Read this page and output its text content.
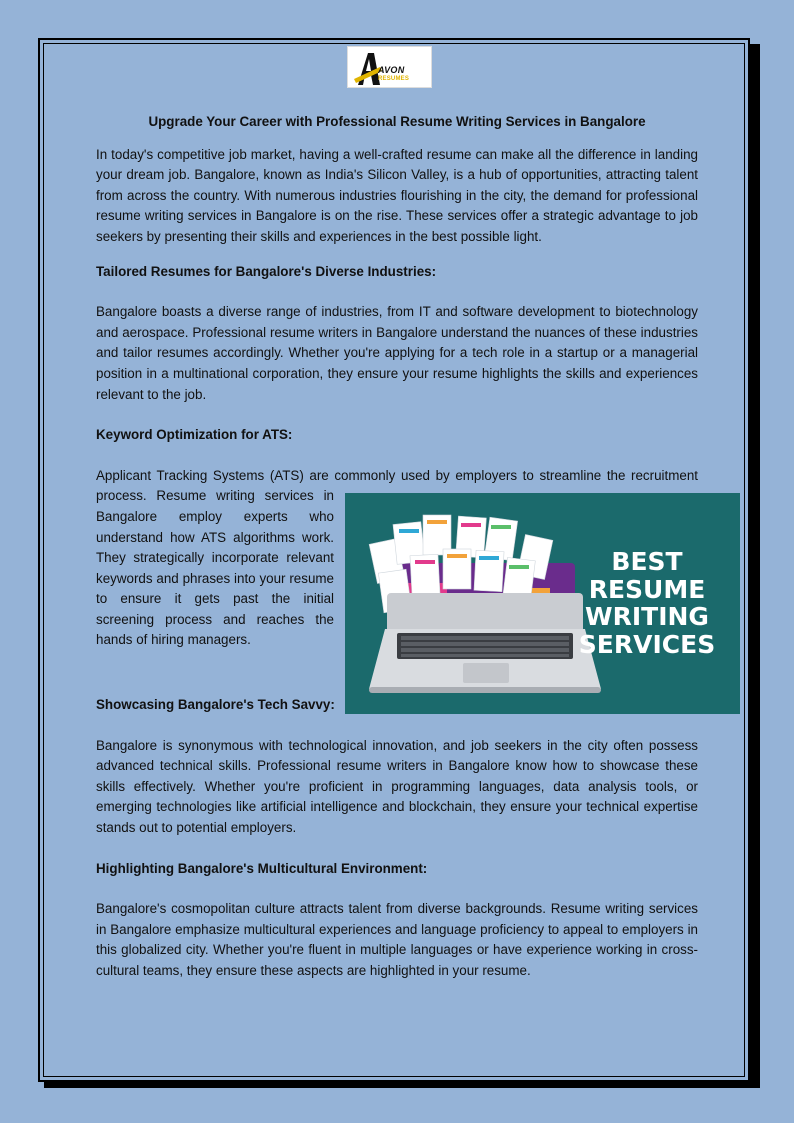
AVON
RESUMES
Upgrade Your Career with Professional Resume Writing Services in Bangalore

In today's competitive job market, having a well-crafted resume can make all the difference in landing your dream job. Bangalore, known as India's Silicon Valley, is a hub of opportunities, attracting talent from across the country. With numerous industries flourishing in the city, the demand for professional resume writing services in Bangalore is on the rise. These services offer a strategic advantage to job seekers by presenting their skills and experiences in the best possible light.

Tailored Resumes for Bangalore's Diverse Industries:

Bangalore boasts a diverse range of industries, from IT and software development to biotechnology and aerospace. Professional resume writers in Bangalore understand the nuances of these industries and tailor resumes accordingly. Whether you're applying for a tech role in a startup or a managerial position in a multinational corporation, they ensure your resume highlights the skills and experiences relevant to the job.

Keyword Optimization for ATS:

Applicant Tracking Systems (ATS) are commonly used by employers to streamline the recruitment

process. Resume writing services in Bangalore employ experts who understand how ATS algorithms work. They strategically incorporate relevant keywords and phrases into your resume to ensure it gets past the initial screening process and reaches the hands of hiring managers.

Showcasing Bangalore's Tech Savvy:

Bangalore is synonymous with technological innovation, and job seekers in the city often possess advanced technical skills. Professional resume writers in Bangalore know how to showcase these skills effectively. Whether you're proficient in programming languages, data analysis tools, or emerging technologies like artificial intelligence and blockchain, they ensure your technical expertise stands out to potential employers.

Highlighting Bangalore's Multicultural Environment:

Bangalore's cosmopolitan culture attracts talent from diverse backgrounds. Resume writing services in Bangalore emphasize multicultural experiences and language proficiency to appeal to employers in this globalized city. Whether you're fluent in multiple languages or have experience working in cross-cultural teams, they ensure these aspects are highlighted in your resume.

BEST
RESUME
WRITING
SERVICES
